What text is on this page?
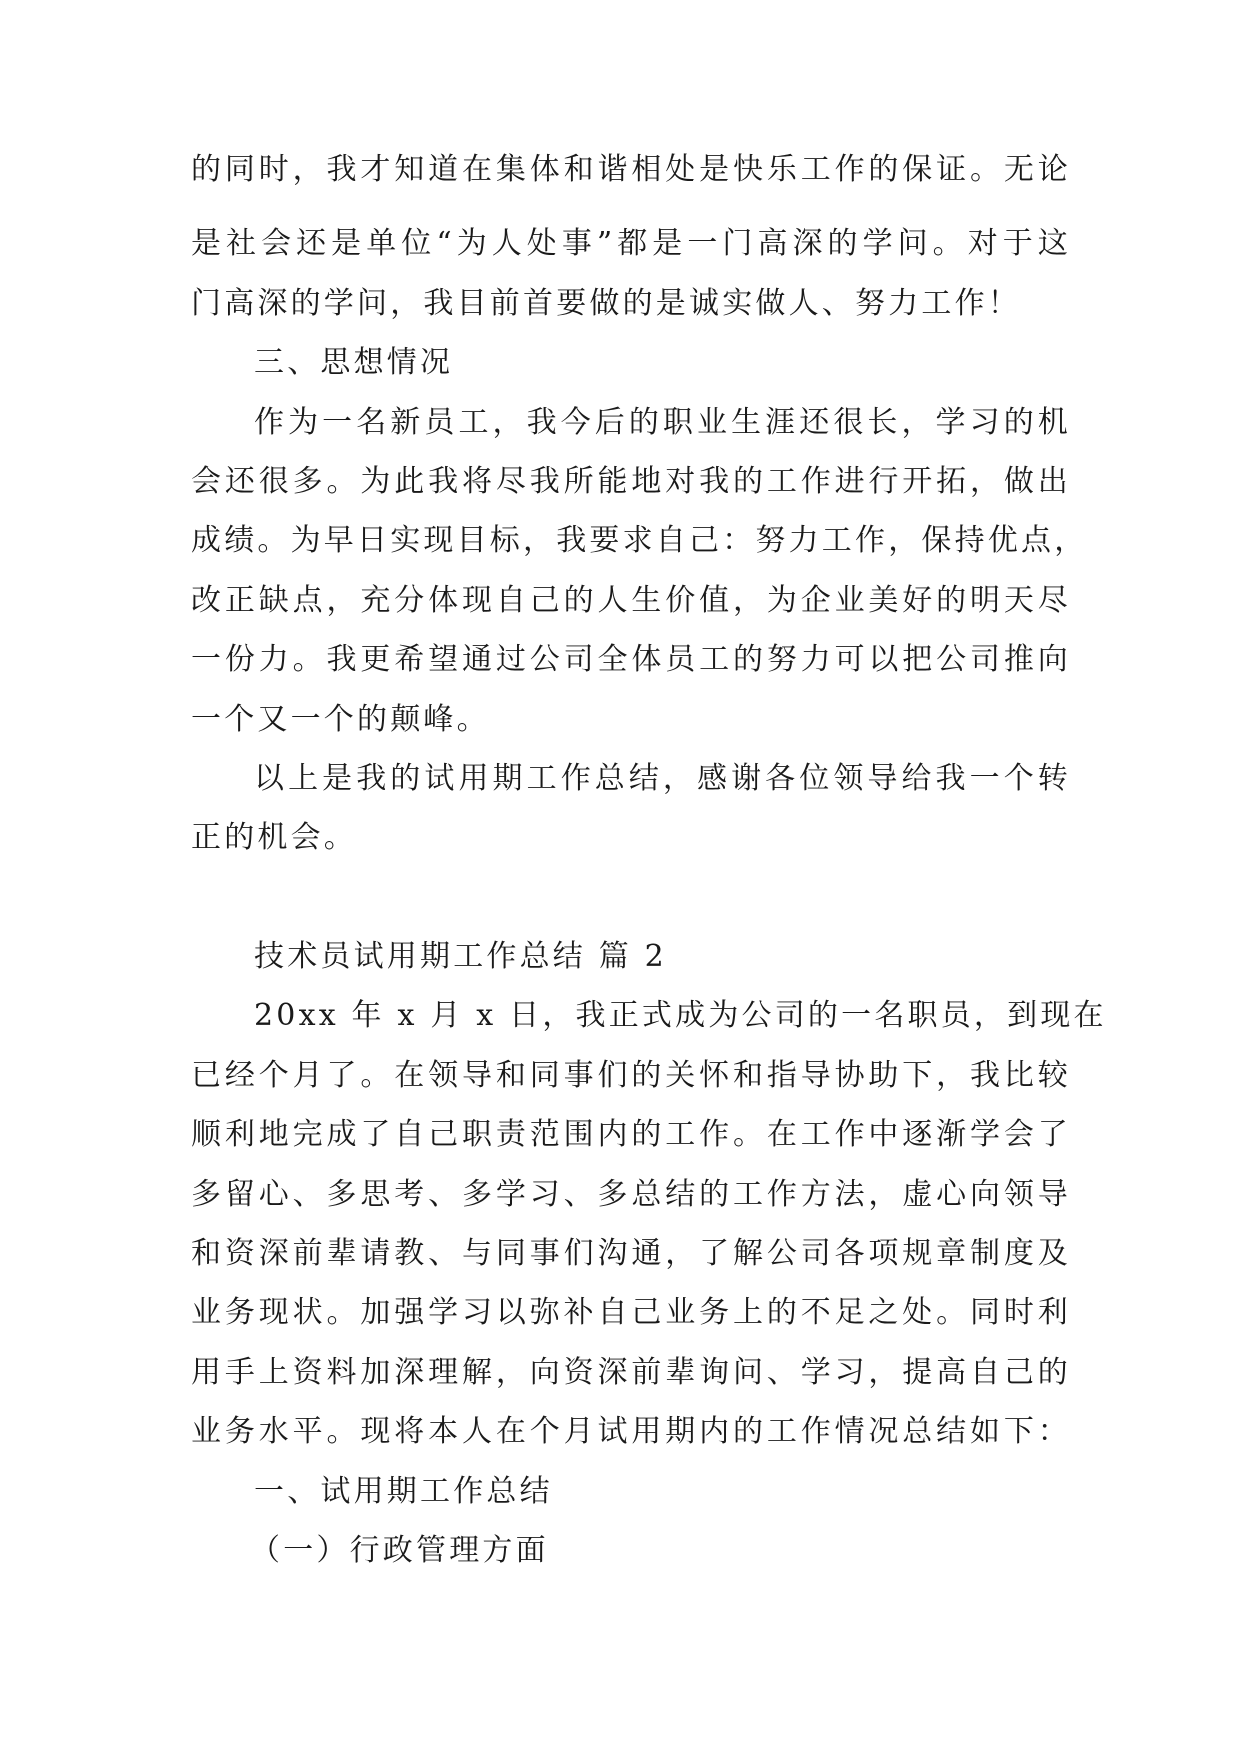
的同时，我才知道在集体和谐相处是快乐工作的保证。无论
是社会还是单位“为人处事”都是一门高深的学问。对于这
门高深的学问，我目前首要做的是诚实做人、努力工作！
三、思想情况
作为一名新员工，我今后的职业生涯还很长，学习的机
会还很多。为此我将尽我所能地对我的工作进行开拓，做出
成绩。为早日实现目标，我要求自己：努力工作，保持优点，
改正缺点，充分体现自己的人生价值，为企业美好的明天尽
一份力。我更希望通过公司全体员工的努力可以把公司推向
一个又一个的颠峰。
以上是我的试用期工作总结，感谢各位领导给我一个转
正的机会。
技术员试用期工作总结 篇 2
20xx 年 x 月 x 日，我正式成为公司的一名职员，到现在
已经个月了。在领导和同事们的关怀和指导协助下，我比较
顺利地完成了自己职责范围内的工作。在工作中逐渐学会了
多留心、多思考、多学习、多总结的工作方法，虚心向领导
和资深前辈请教、与同事们沟通，了解公司各项规章制度及
业务现状。加强学习以弥补自己业务上的不足之处。同时利
用手上资料加深理解，向资深前辈询问、学习，提高自己的
业务水平。现将本人在个月试用期内的工作情况总结如下：
一、试用期工作总结
（一）行政管理方面
